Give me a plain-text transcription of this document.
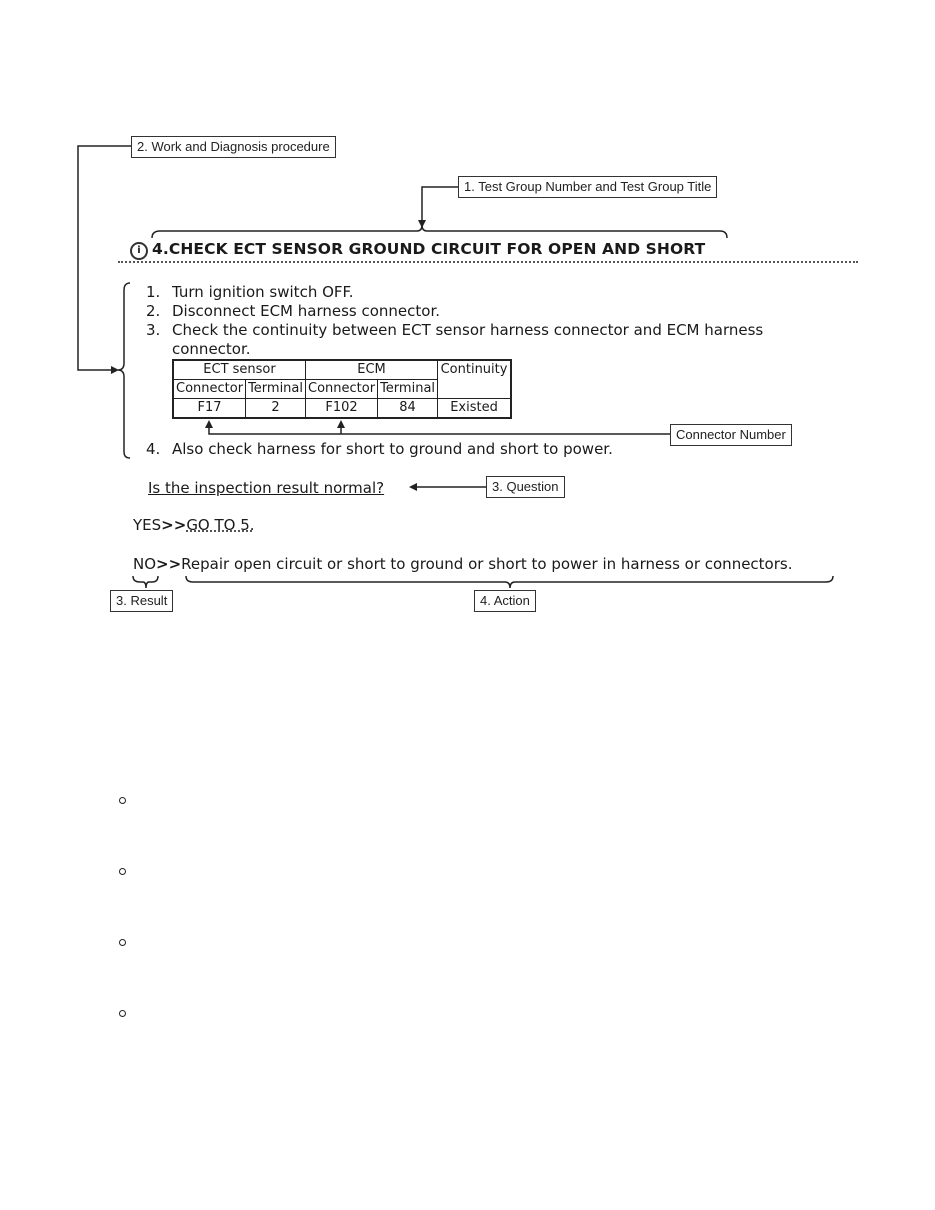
2. Work and Diagnosis procedure
1. Test Group Number and Test Group Title
i 4.CHECK ECT SENSOR GROUND CIRCUIT FOR OPEN AND SHORT
1. Turn ignition switch OFF.
2. Disconnect ECM harness connector.
3. Check the continuity between ECT sensor harness connector and ECM harness
connector.
ECT sensor		ECM		Continuity
Connector	Terminal	Connector	Terminal	
F17	2	F102	84	Existed
Connector Number
4. Also check harness for short to ground and short to power.
Is the inspection result normal?	3. Question
YES>>GO TO 5.
NO>>Repair open circuit or short to ground or short to power in harness or connectors.
3. Result	4. Action
